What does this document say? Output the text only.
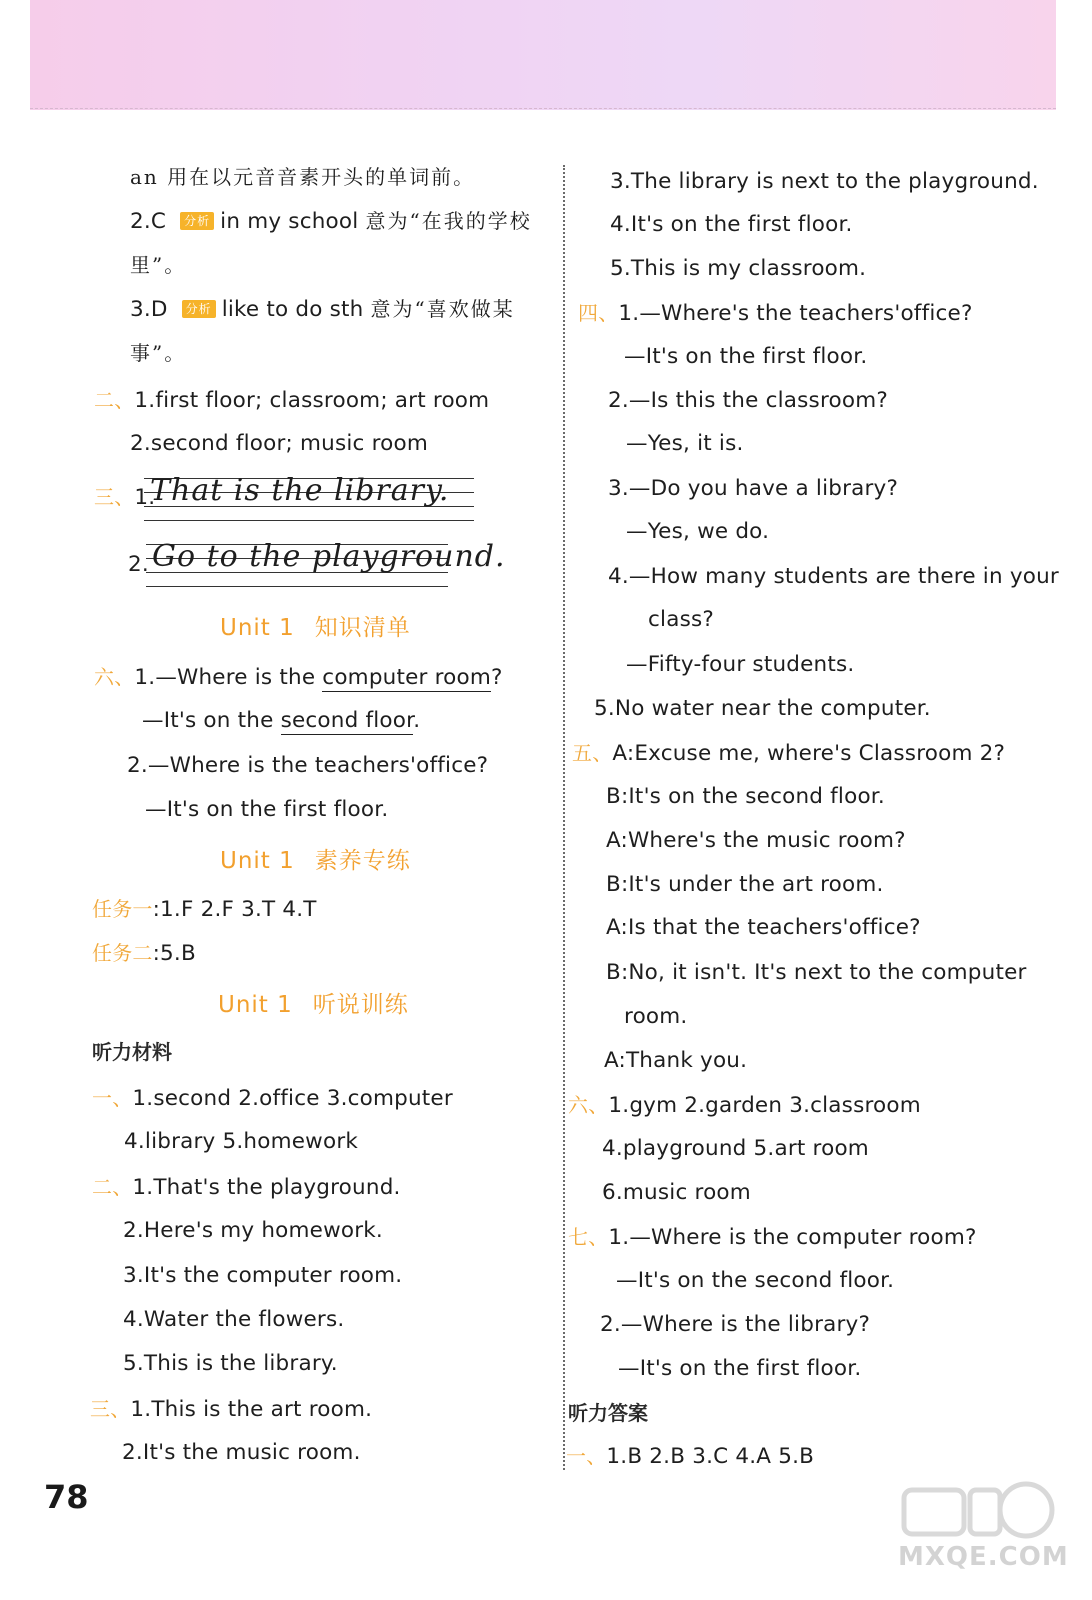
an 用在以元音音素开头的单词前。
2.C 分析 in my school 意为“在我的学校
里”。
3.D 分析 like to do sth 意为“喜欢做某
事”。
二、1.first floor; classroom; art room
2.second floor; music room
三、1.
That is the library.
2. Go to the playground.
Unit 1 知识清单
六、1.—Where is the computer room?
—It's on the second floor.
2.—Where is the teachers'office?
—It's on the first floor.
Unit 1 素养专练
任务一:1.F 2.F 3.T 4.T
任务二:5.B
Unit 1 听说训练
听力材料
一、1.second 2.office 3.computer
4.library 5.homework
二、1.That's the playground.
2.Here's my homework.
3.It's the computer room.
4.Water the flowers.
5.This is the library.
三、1.This is the art room.
2.It's the music room.
3.The library is next to the playground.
4.It's on the first floor.
5.This is my classroom.
四、1.—Where's the teachers'office?
—It's on the first floor.
2.—Is this the classroom?
—Yes, it is.
3.—Do you have a library?
—Yes, we do.
4.—How many students are there in your
class?
—Fifty-four students.
5.No water near the computer.
五、A:Excuse me, where's Classroom 2?
B:It's on the second floor.
A:Where's the music room?
B:It's under the art room.
A:Is that the teachers'office?
B:No, it isn't. It's next to the computer
room.
A:Thank you.
六、1.gym 2.garden 3.classroom
4.playground 5.art room
6.music room
七、1.—Where is the computer room?
—It's on the second floor.
2.—Where is the library?
—It's on the first floor.
听力答案
一、1.B 2.B 3.C 4.A 5.B
78
MXQE.COM
